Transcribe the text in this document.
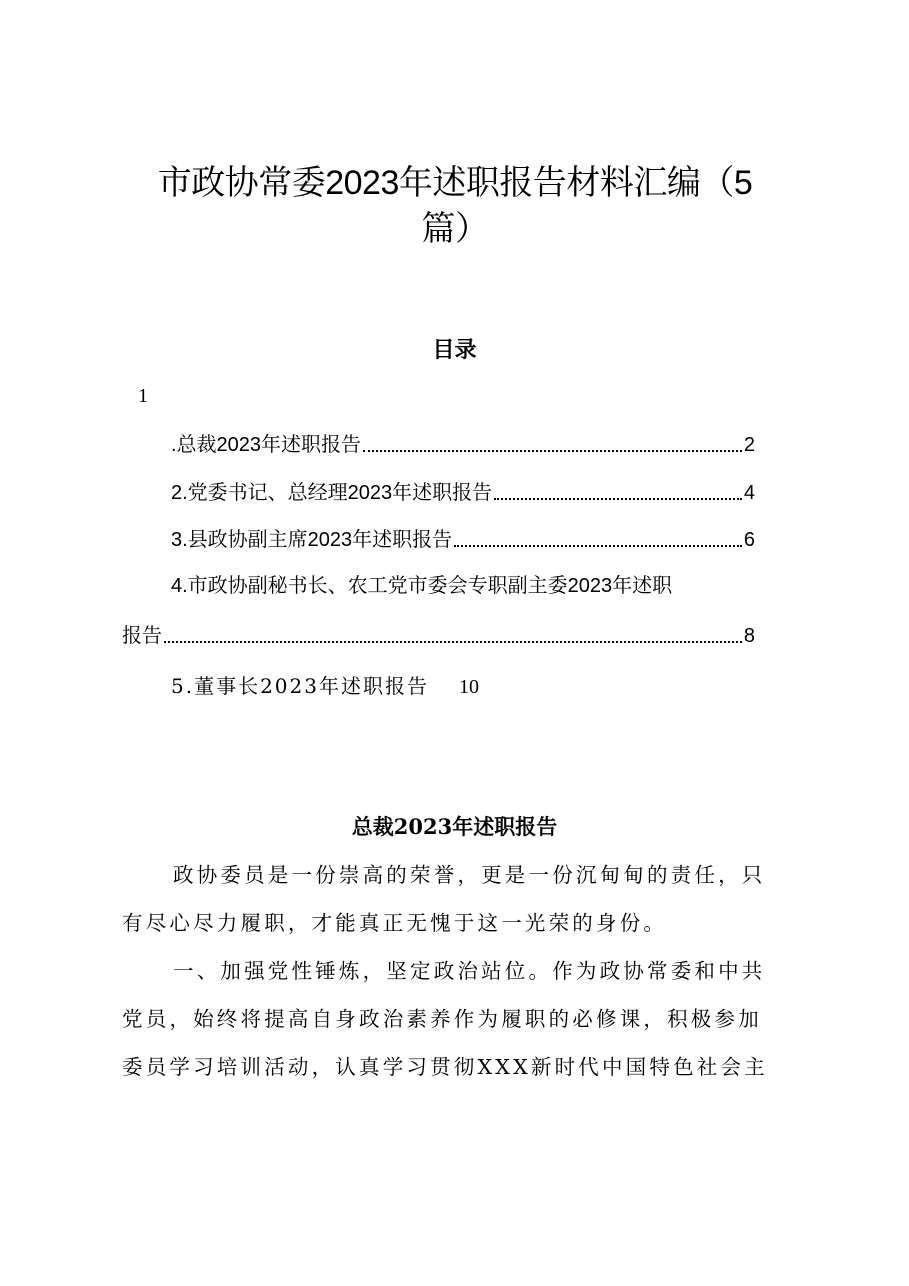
市政协常委2023年述职报告材料汇编（5
篇）
目录
1
.总裁2023年述职报告	2
2.党委书记、总经理2023年述职报告	4
3.县政协副主席2023年述职报告	6
4.市政协副秘书长、农工党市委会专职副主委2023年述职
报告	8
5.董事长2023年述职报告 10
总裁2023年述职报告
政协委员是一份崇高的荣誉，更是一份沉甸甸的责任，只
有尽心尽力履职，才能真正无愧于这一光荣的身份。
一、加强党性锤炼，坚定政治站位。作为政协常委和中共
党员，始终将提高自身政治素养作为履职的必修课，积极参加
委员学习培训活动，认真学习贯彻XXX新时代中国特色社会主
